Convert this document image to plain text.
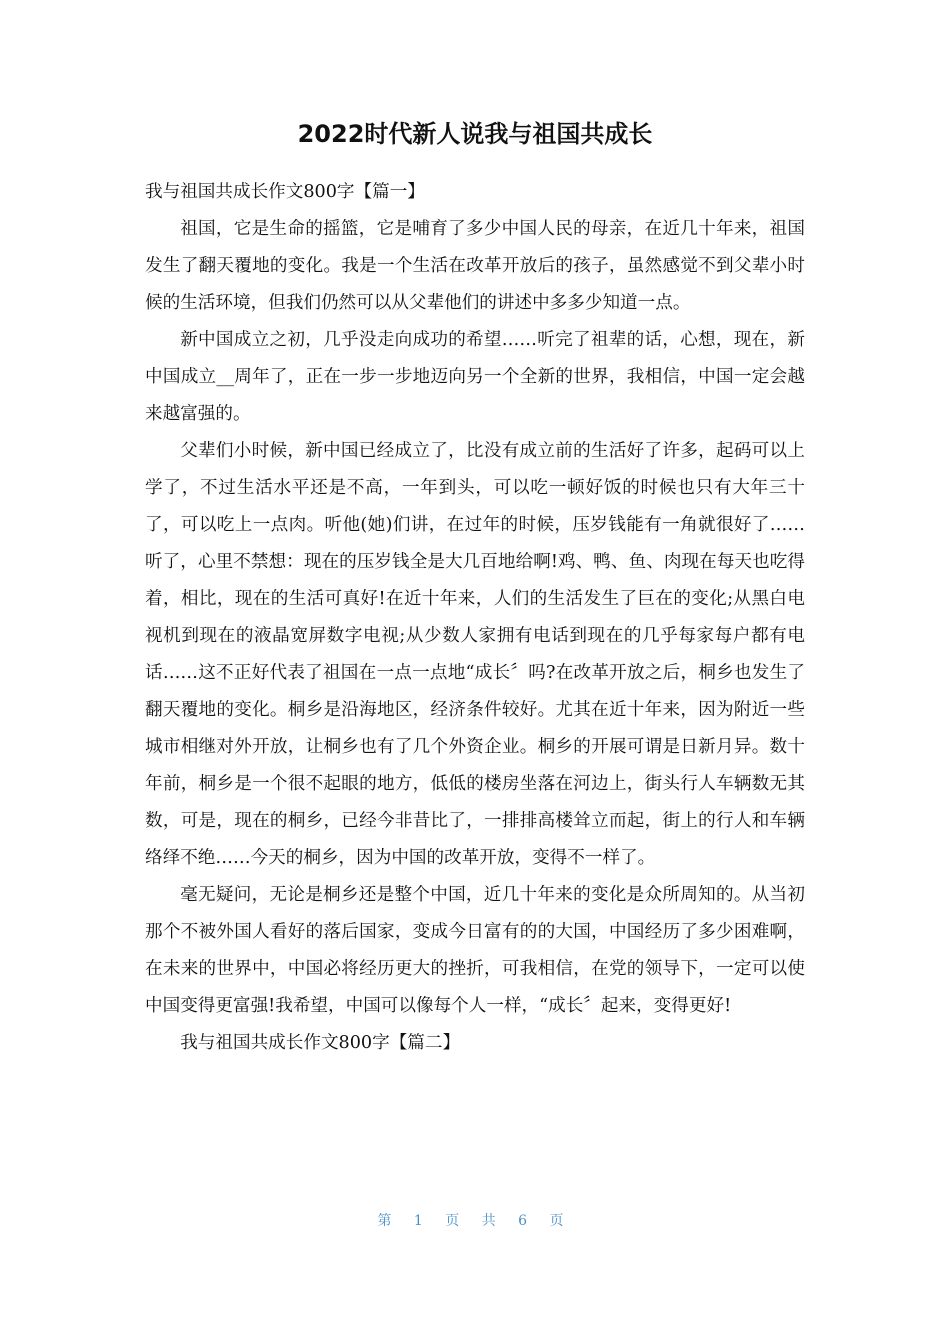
2022时代新人说我与祖国共成长

我与祖国共成长作文800字【篇一】

祖国，它是生命的摇篮，它是哺育了多少中国人民的母亲，在近几十年来，祖国发生了翻天覆地的变化。我是一个生活在改革开放后的孩子，虽然感觉不到父辈小时候的生活环境，但我们仍然可以从父辈他们的讲述中多多少知道一点。

新中国成立之初，几乎没走向成功的希望……听完了祖辈的话，心想，现在，新中国成立__周年了，正在一步一步地迈向另一个全新的世界，我相信，中国一定会越来越富强的。

父辈们小时候，新中国已经成立了，比没有成立前的生活好了许多，起码可以上学了，不过生活水平还是不高，一年到头，可以吃一顿好饭的时候也只有大年三十了，可以吃上一点肉。听他(她)们讲，在过年的时候，压岁钱能有一角就很好了……听了，心里不禁想：现在的压岁钱全是大几百地给啊!鸡、鸭、鱼、肉现在每天也吃得着，相比，现在的生活可真好!在近十年来，人们的生活发生了巨在的变化;从黑白电视机到现在的液晶宽屏数字电视;从少数人家拥有电话到现在的几乎每家每户都有电话……这不正好代表了祖国在一点一点地“成长〞吗?在改革开放之后，桐乡也发生了翻天覆地的变化。桐乡是沿海地区，经济条件较好。尤其在近十年来，因为附近一些城市相继对外开放，让桐乡也有了几个外资企业。桐乡的开展可谓是日新月异。数十年前，桐乡是一个很不起眼的地方，低低的楼房坐落在河边上，街头行人车辆数无其数，可是，现在的桐乡，已经今非昔比了，一排排高楼耸立而起，街上的行人和车辆络绎不绝……今天的桐乡，因为中国的改革开放，变得不一样了。

毫无疑问，无论是桐乡还是整个中国，近几十年来的变化是众所周知的。从当初那个不被外国人看好的落后国家，变成今日富有的的大国，中国经历了多少困难啊，在未来的世界中，中国必将经历更大的挫折，可我相信，在党的领导下，一定可以使中国变得更富强!我希望，中国可以像每个人一样，“成长〞起来，变得更好!

我与祖国共成长作文800字【篇二】

第 1 页 共 6 页
